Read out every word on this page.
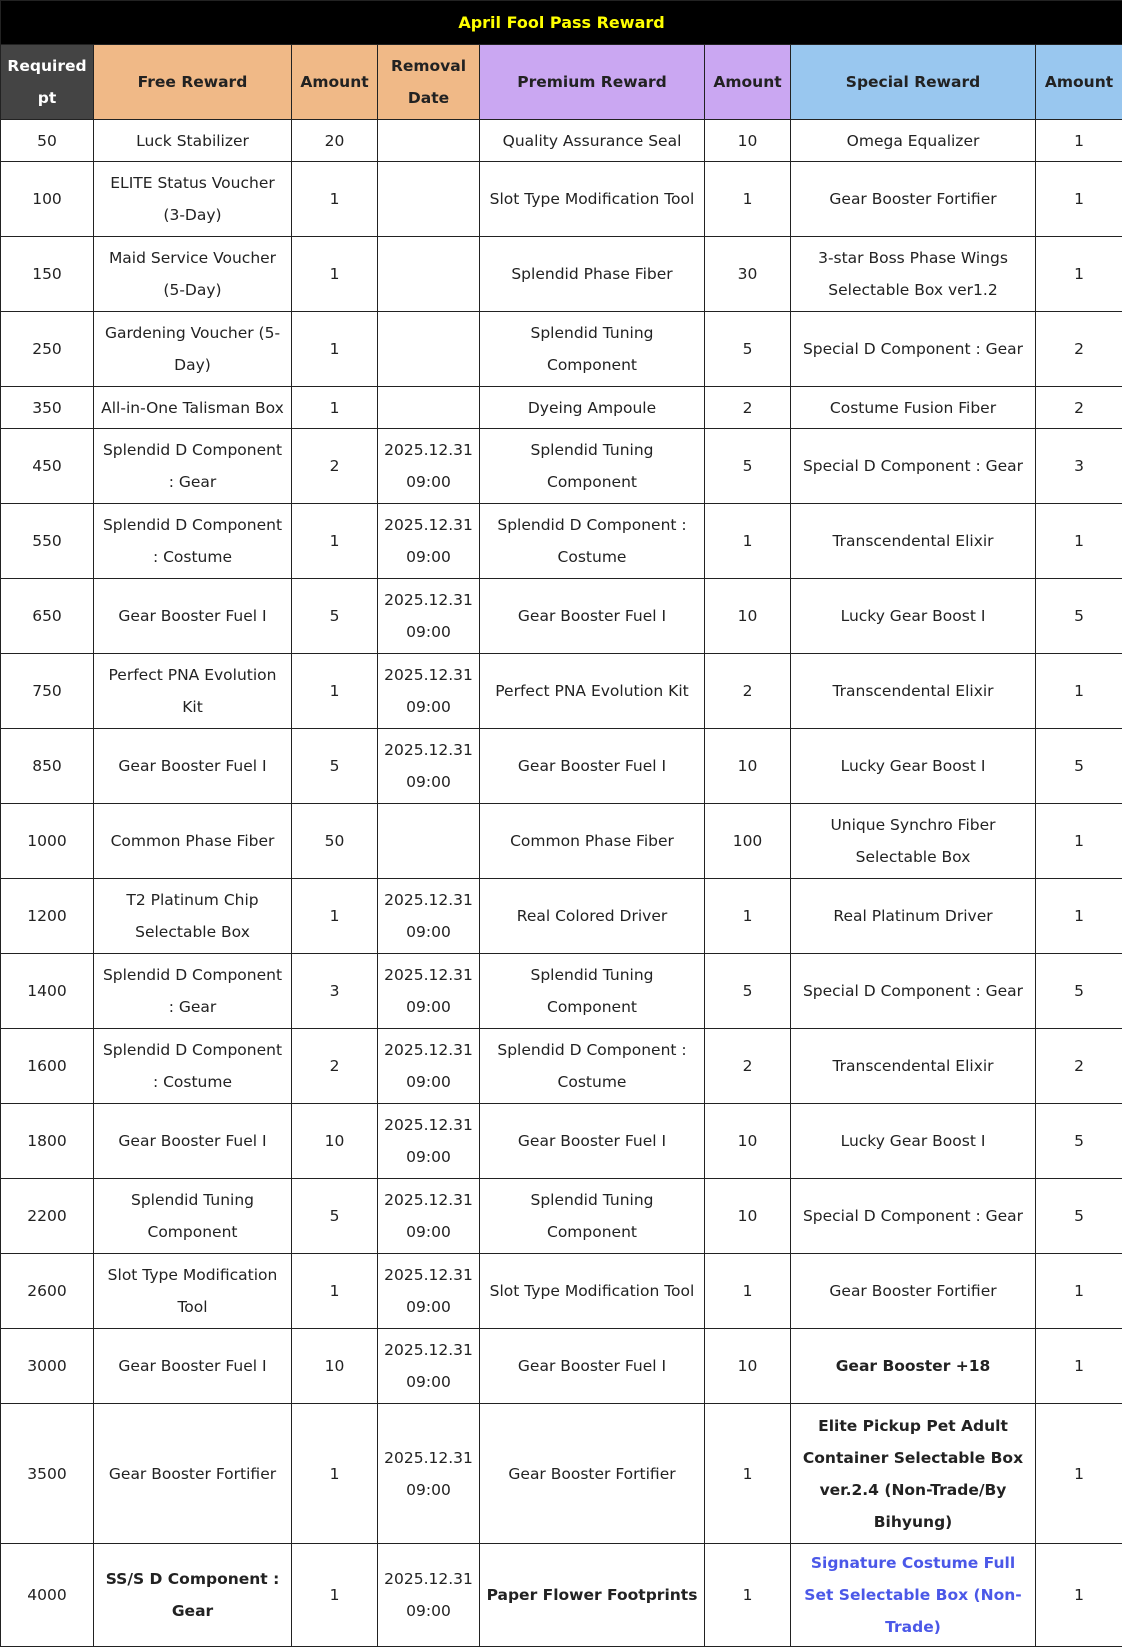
April Fool Pass Reward							
Required pt	Free Reward	Amount	Removal Date	Premium Reward	Amount	Special Reward	Amount
50	Luck Stabilizer	20		Quality Assurance Seal	10	Omega Equalizer	1
100	ELITE Status Voucher (3-Day)	1		Slot Type Modification Tool	1	Gear Booster Fortifier	1
150	Maid Service Voucher (5-Day)	1		Splendid Phase Fiber	30	3-star Boss Phase Wings Selectable Box ver1.2	1
250	Gardening Voucher (5-Day)	1		Splendid Tuning Component	5	Special D Component : Gear	2
350	All-in-One Talisman Box	1		Dyeing Ampoule	2	Costume Fusion Fiber	2
450	Splendid D Component : Gear	2	2025.12.31 09:00	Splendid Tuning Component	5	Special D Component : Gear	3
550	Splendid D Component : Costume	1	2025.12.31 09:00	Splendid D Component : Costume	1	Transcendental Elixir	1
650	Gear Booster Fuel I	5	2025.12.31 09:00	Gear Booster Fuel I	10	Lucky Gear Boost I	5
750	Perfect PNA Evolution Kit	1	2025.12.31 09:00	Perfect PNA Evolution Kit	2	Transcendental Elixir	1
850	Gear Booster Fuel I	5	2025.12.31 09:00	Gear Booster Fuel I	10	Lucky Gear Boost I	5
1000	Common Phase Fiber	50		Common Phase Fiber	100	Unique Synchro Fiber Selectable Box	1
1200	T2 Platinum Chip Selectable Box	1	2025.12.31 09:00	Real Colored Driver	1	Real Platinum Driver	1
1400	Splendid D Component : Gear	3	2025.12.31 09:00	Splendid Tuning Component	5	Special D Component : Gear	5
1600	Splendid D Component : Costume	2	2025.12.31 09:00	Splendid D Component : Costume	2	Transcendental Elixir	2
1800	Gear Booster Fuel I	10	2025.12.31 09:00	Gear Booster Fuel I	10	Lucky Gear Boost I	5
2200	Splendid Tuning Component	5	2025.12.31 09:00	Splendid Tuning Component	10	Special D Component : Gear	5
2600	Slot Type Modification Tool	1	2025.12.31 09:00	Slot Type Modification Tool	1	Gear Booster Fortifier	1
3000	Gear Booster Fuel I	10	2025.12.31 09:00	Gear Booster Fuel I	10	Gear Booster +18	1
3500	Gear Booster Fortifier	1	2025.12.31 09:00	Gear Booster Fortifier	1	Elite Pickup Pet Adult Container Selectable Box ver.2.4 (Non-Trade/By Bihyung)	1
4000	SS/S D Component : Gear	1	2025.12.31 09:00	Paper Flower Footprints	1	Signature Costume Full Set Selectable Box (Non-Trade)	1
